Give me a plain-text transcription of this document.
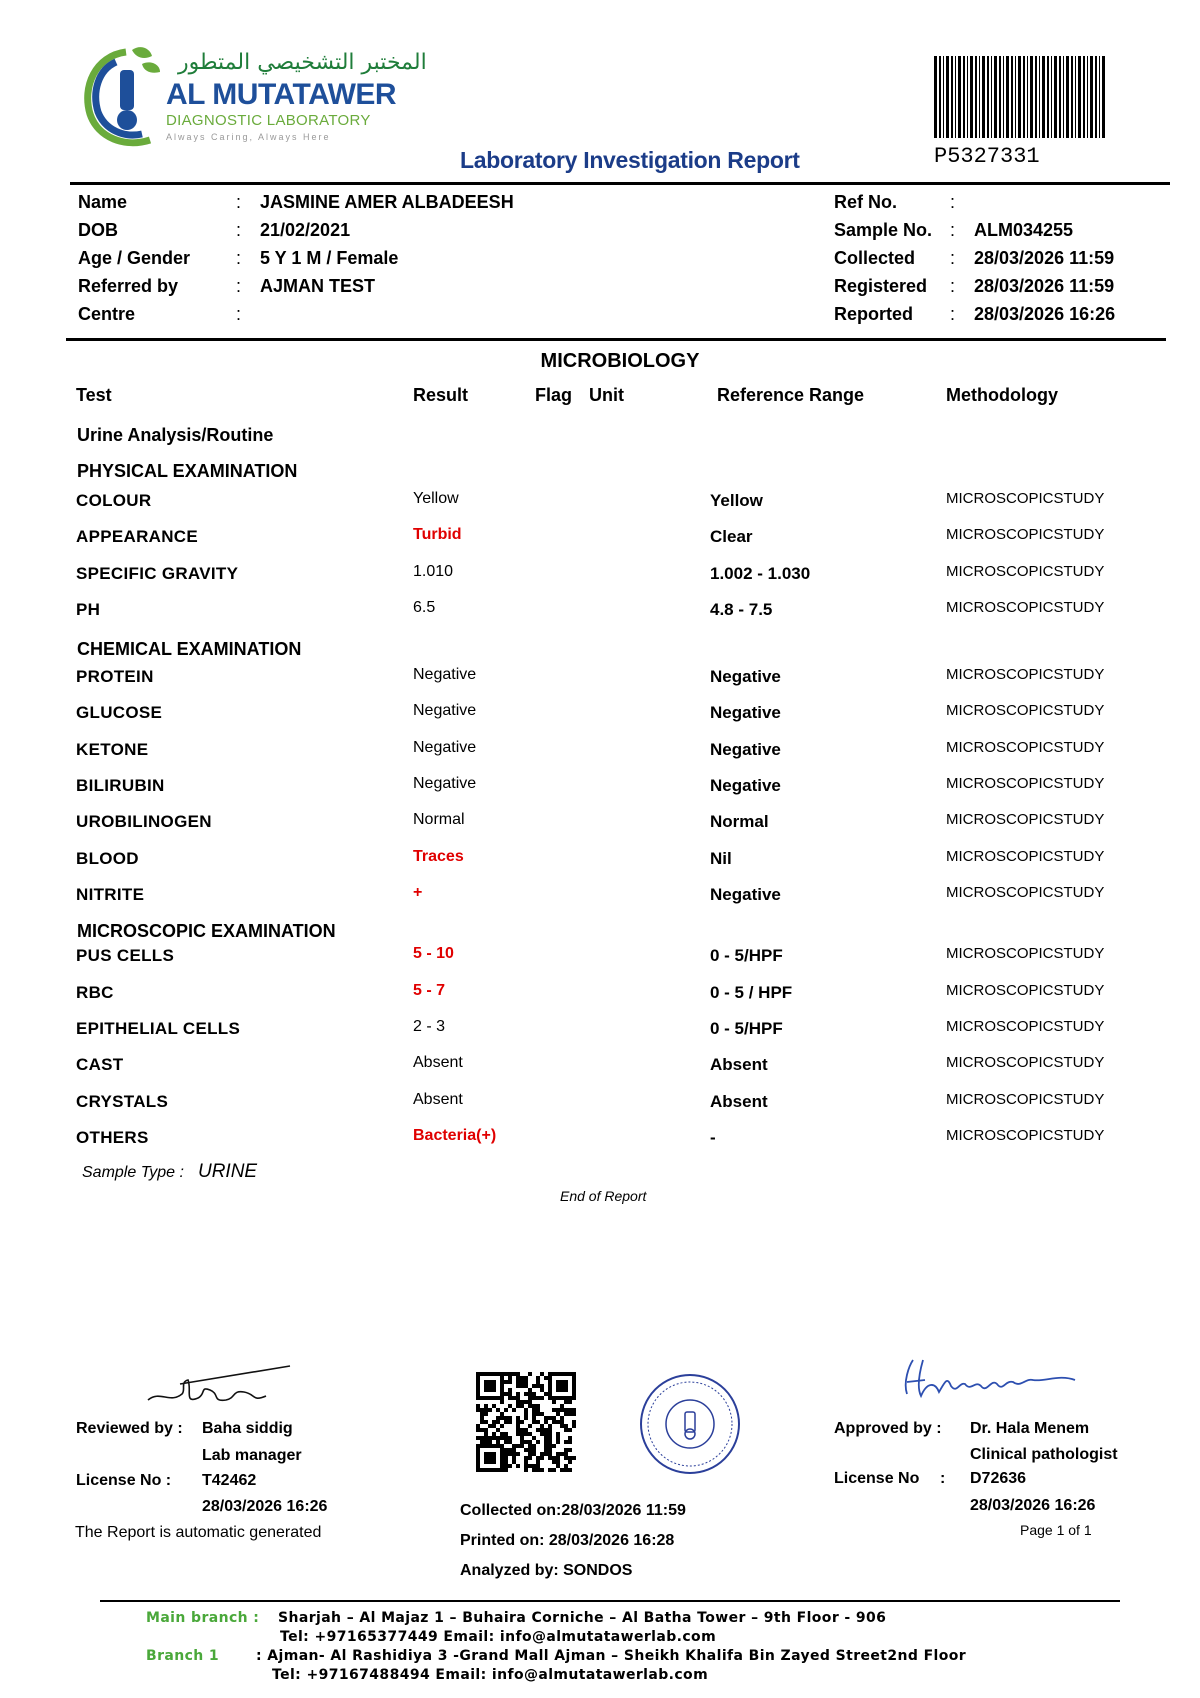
المختبر التشخيصي المتطور
AL MUTATAWER
DIAGNOSTIC LABORATORY
Always Caring, Always Here
P5327331
Laboratory Investigation Report
Name	: JASMINE AMER ALBADEESH
DOB	: 21/02/2021
Age / Gender	: 5 Y 1 M / Female
Referred by	: AJMAN TEST
Centre	:
Ref No.	:
Sample No. : ALM034255
Collected : 28/03/2026 11:59
Registered : 28/03/2026 11:59
Reported : 28/03/2026 16:26
MICROBIOLOGY
Test	Result	Flag Unit	Reference Range	Methodology
Urine Analysis/Routine
PHYSICAL EXAMINATION
COLOUR	Yellow	Yellow	MICROSCOPICSTUDY
APPEARANCE	Turbid	Clear	MICROSCOPICSTUDY
SPECIFIC GRAVITY	1.010	1.002 - 1.030	MICROSCOPICSTUDY
PH	6.5	4.8 - 7.5	MICROSCOPICSTUDY
CHEMICAL EXAMINATION
PROTEIN	Negative	Negative	MICROSCOPICSTUDY
GLUCOSE	Negative	Negative	MICROSCOPICSTUDY
KETONE	Negative	Negative	MICROSCOPICSTUDY
BILIRUBIN	Negative	Negative	MICROSCOPICSTUDY
UROBILINOGEN	Normal	Normal	MICROSCOPICSTUDY
BLOOD	Traces	Nil	MICROSCOPICSTUDY
NITRITE	+	Negative	MICROSCOPICSTUDY
MICROSCOPIC EXAMINATION
PUS CELLS	5 - 10	0 - 5/HPF	MICROSCOPICSTUDY
RBC	5 - 7	0 - 5 / HPF	MICROSCOPICSTUDY
EPITHELIAL CELLS	2 - 3	0 - 5/HPF	MICROSCOPICSTUDY
CAST	Absent	Absent	MICROSCOPICSTUDY
CRYSTALS	Absent	Absent	MICROSCOPICSTUDY
OTHERS	Bacteria(+)	-	MICROSCOPICSTUDY
Sample Type : URINE
End of Report
Reviewed by : Baha siddig
Lab manager
License No : T42462
28/03/2026 16:26
The Report is automatic generated
Collected on:28/03/2026 11:59
Printed on: 28/03/2026 16:28
Analyzed by: SONDOS
Approved by : Dr. Hala Menem
Clinical pathologist
License No : D72636
28/03/2026 16:26
Page 1 of 1
Main branch : Sharjah – Al Majaz 1 – Buhaira Corniche – Al Batha Tower – 9th Floor - 906
Tel: +97165377449 Email: info@almutatawerlab.com
Branch 1	: Ajman- Al Rashidiya 3 -Grand Mall Ajman – Sheikh Khalifa Bin Zayed Street2nd Floor
Tel: +97167488494 Email: info@almutatawerlab.com
